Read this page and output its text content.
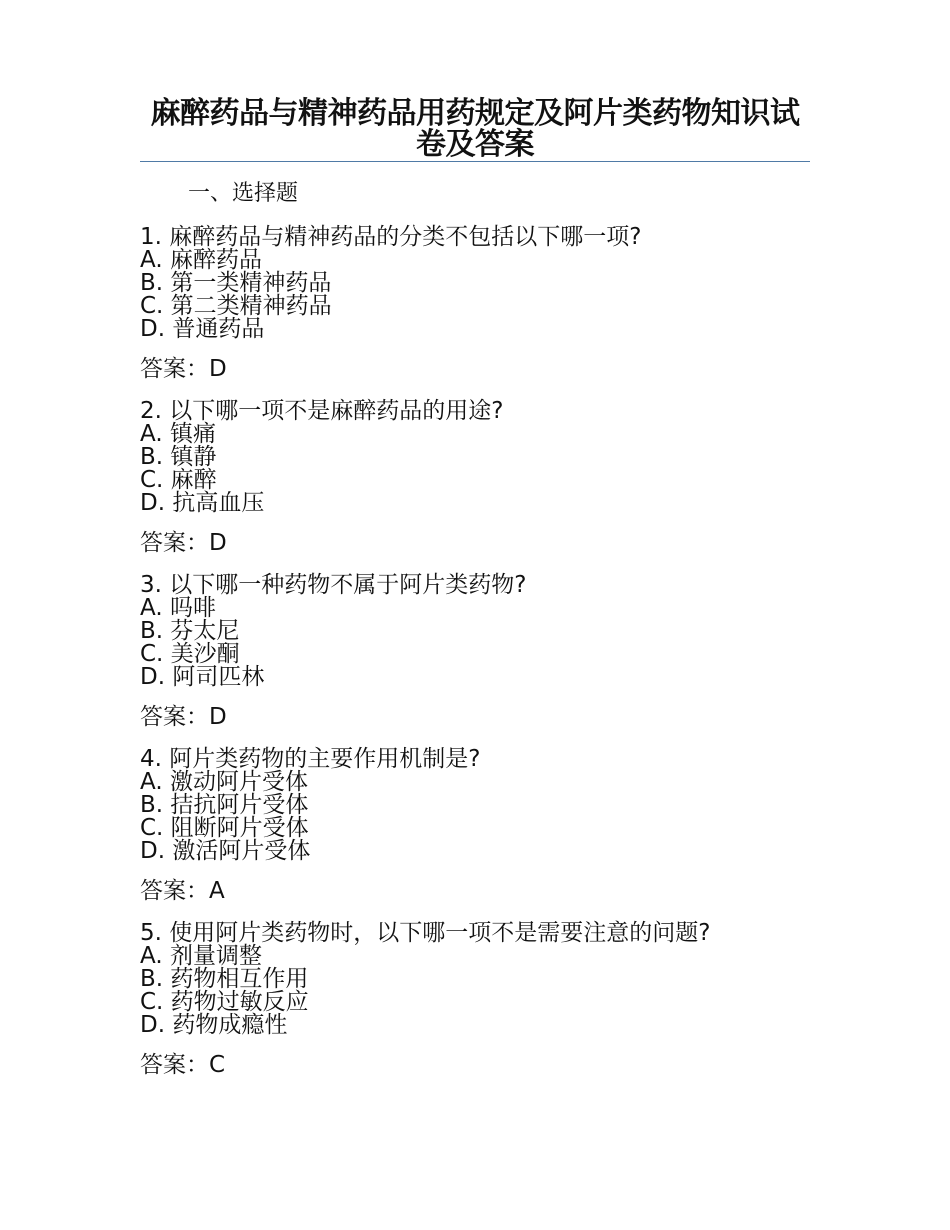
麻醉药品与精神药品用药规定及阿片类药物知识试卷及答案
一、选择题
1. 麻醉药品与精神药品的分类不包括以下哪一项?
A. 麻醉药品
B. 第一类精神药品
C. 第二类精神药品
D. 普通药品
答案：D
2. 以下哪一项不是麻醉药品的用途?
A. 镇痛
B. 镇静
C. 麻醉
D. 抗高血压
答案：D
3. 以下哪一种药物不属于阿片类药物?
A. 吗啡
B. 芬太尼
C. 美沙酮
D. 阿司匹林
答案：D
4. 阿片类药物的主要作用机制是?
A. 激动阿片受体
B. 拮抗阿片受体
C. 阻断阿片受体
D. 激活阿片受体
答案：A
5. 使用阿片类药物时，以下哪一项不是需要注意的问题?
A. 剂量调整
B. 药物相互作用
C. 药物过敏反应
D. 药物成瘾性
答案：C
